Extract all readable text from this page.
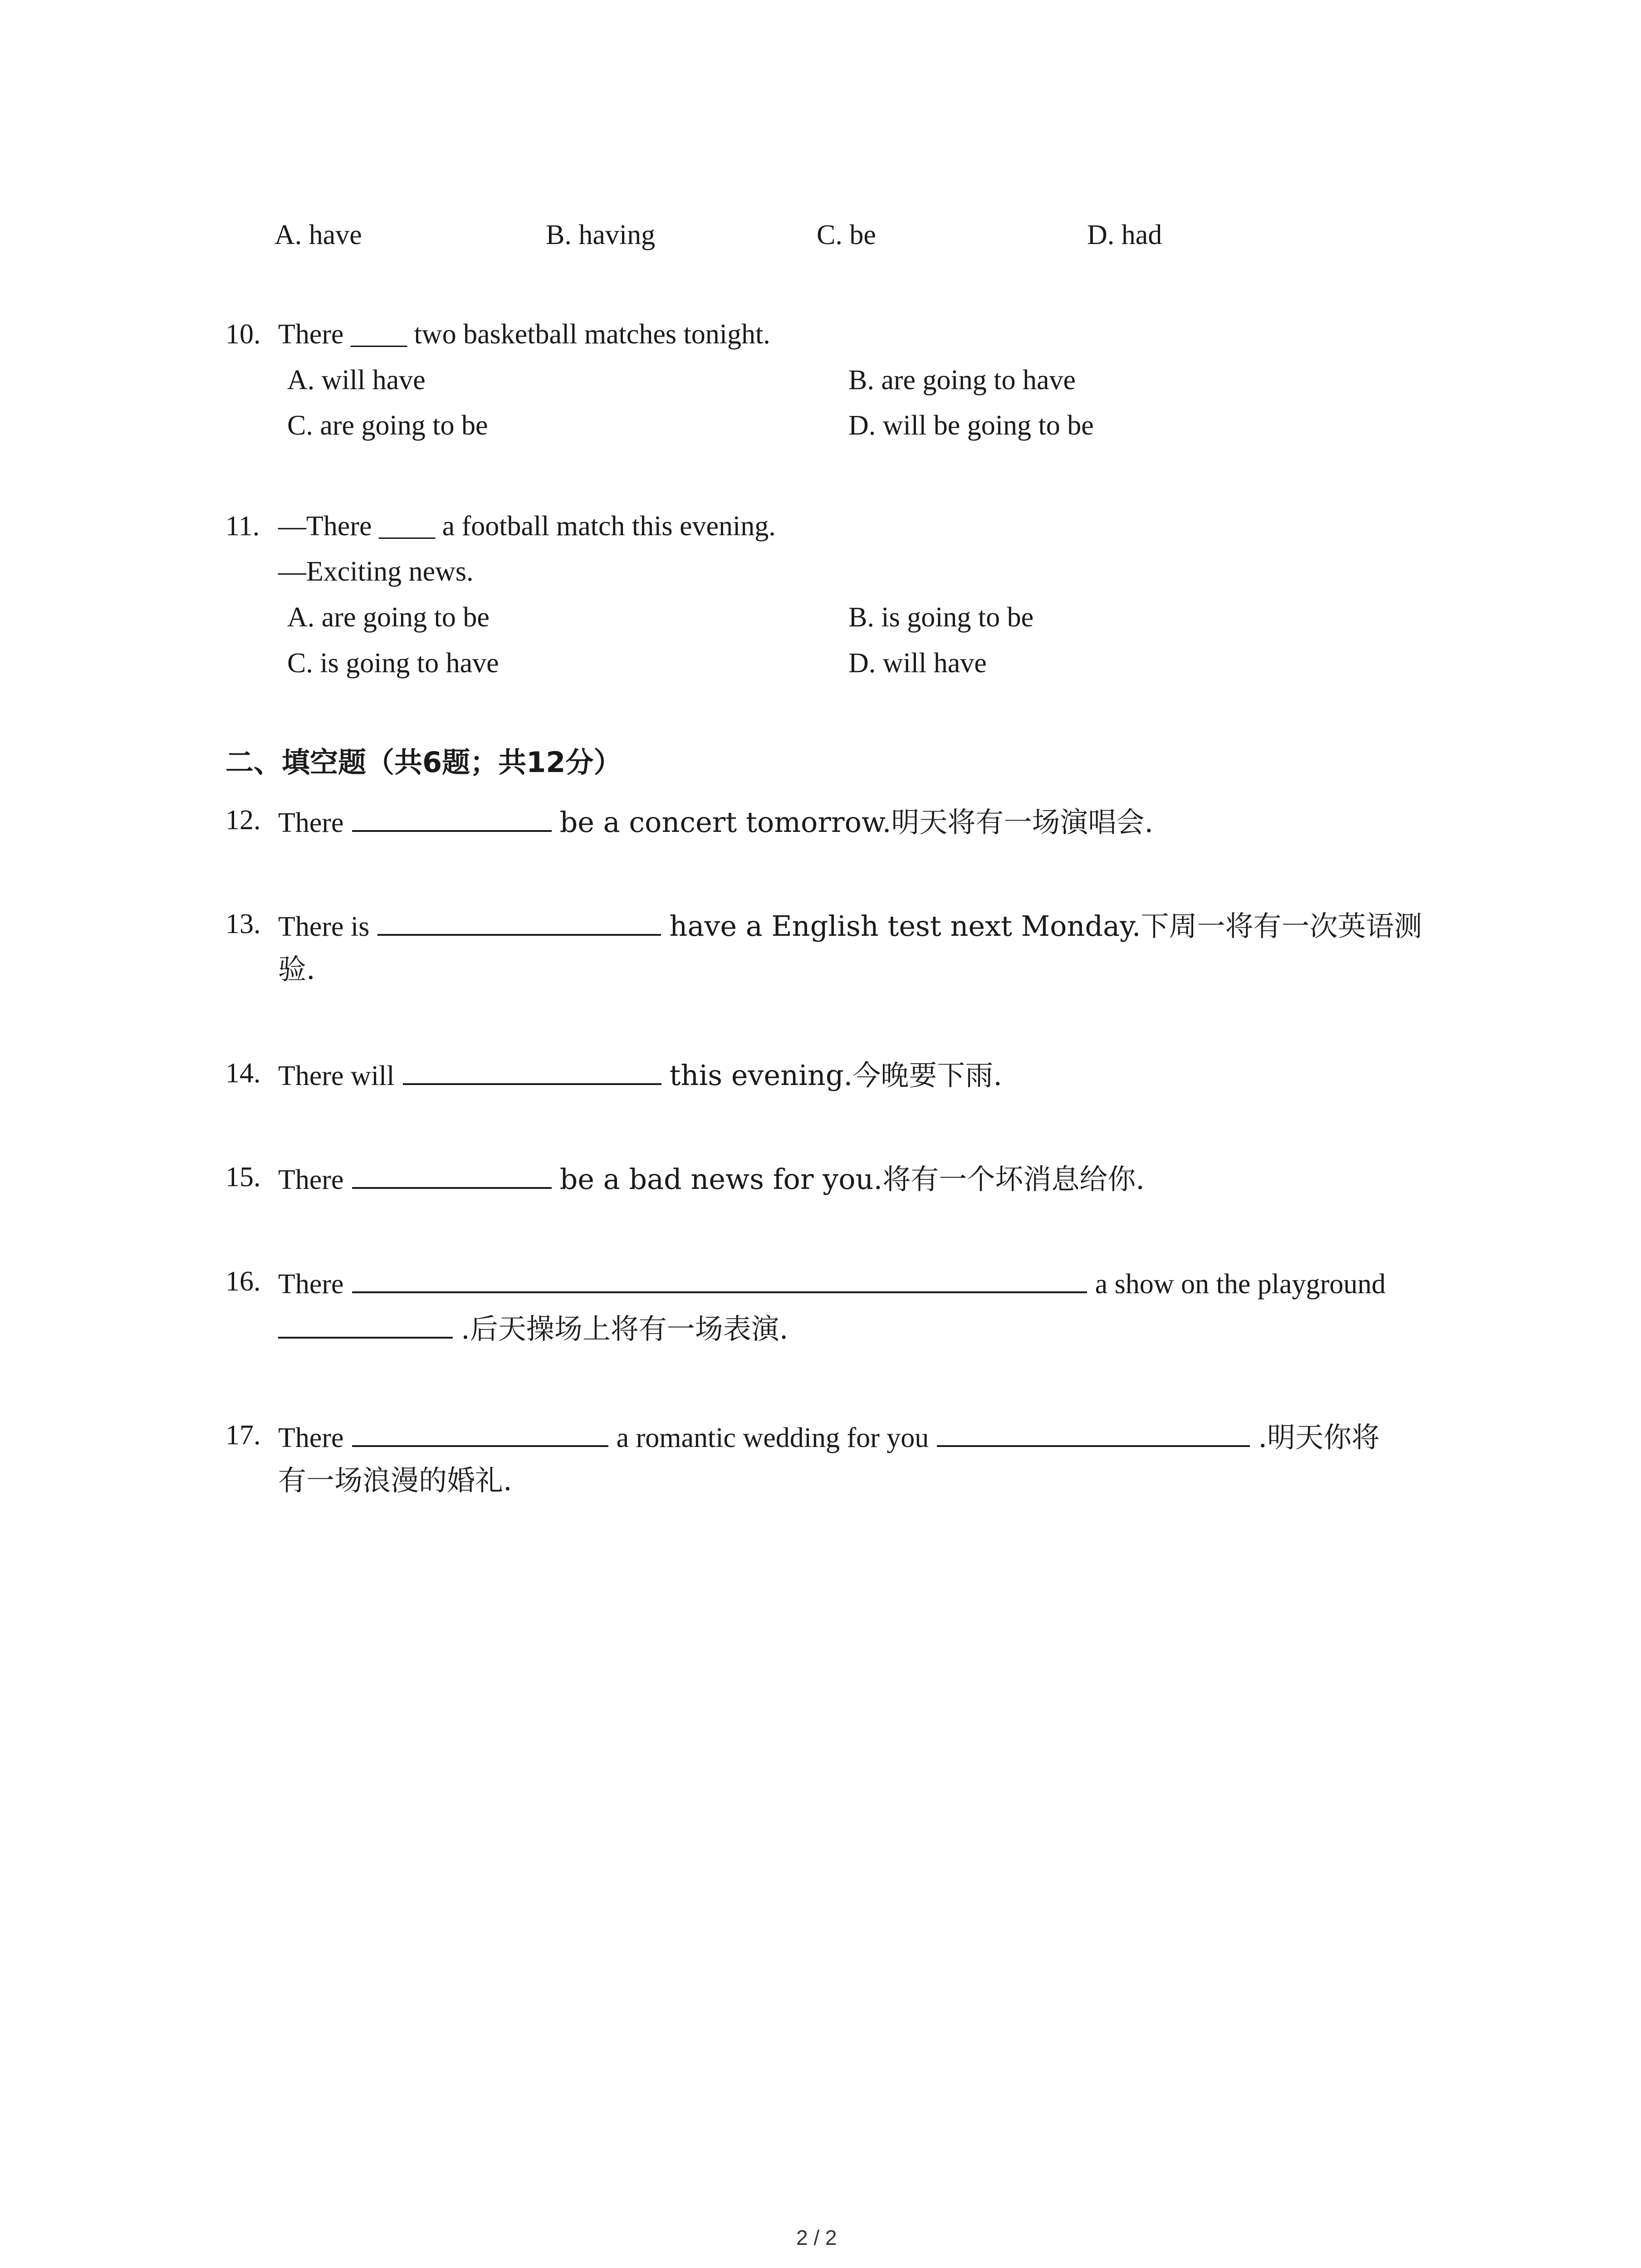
A. have	B. having	C. be	D. had
10. There ____ two basketball matches tonight.
A. will have	B. are going to have
C. are going to be	D. will be going to be
11. —There ____ a football match this evening.
—Exciting news.
A. are going to be	B. is going to be
C. is going to have	D. will have
二、填空题（共6题；共12分）
12. There	be a concert tomorrow.明天将有一场演唱会.
13. There is	have a English test next Monday.下周一将有一次英语测
验.
14. There will	this evening.今晚要下雨.
15. There	be a bad news for you.将有一个坏消息给你.
16. There	a show on the playground
.后天操场上将有一场表演.
17. There	a romantic wedding for you	.明天你将
有一场浪漫的婚礼.
2 / 2
